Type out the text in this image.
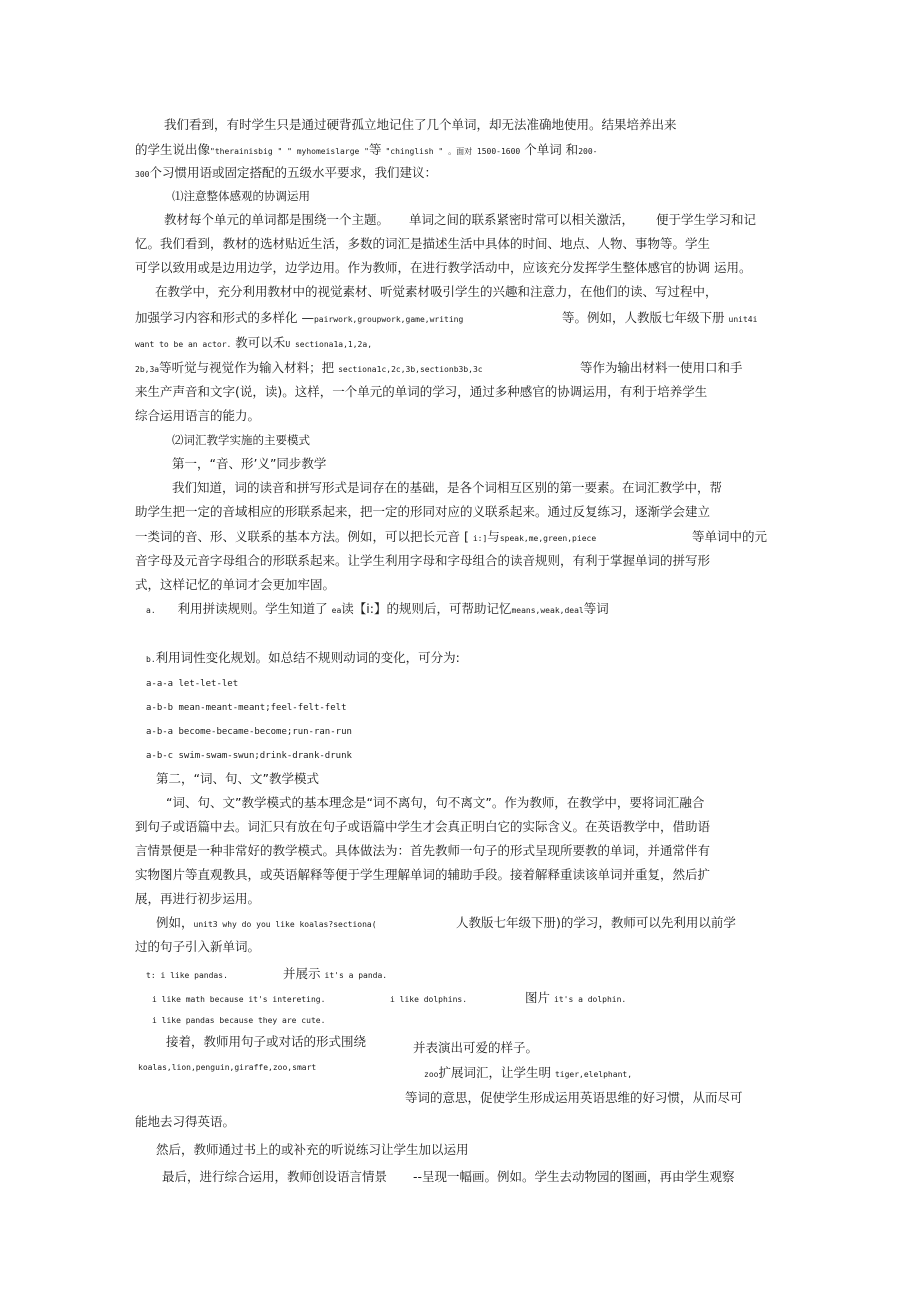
我们看到，有时学生只是通过硬背孤立地记住了几个单词，却无法准确地使用。结果培养出来
的学生说出像"therainisbig " " myhomeislarge "等 "chinglish " 。面对 1500-1600 个单词 和200-
300个习惯用语或固定搭配的五级水平要求，我们建议：
⑴注意整体感观的协调运用
教材每个单元的单词都是围绕一个主题。 单词之间的联系紧密时常可以相关激活， 便于学生学习和记
忆。我们看到，教材的选材贴近生活，多数的词汇是描述生活中具体的时间、地点、人物、事物等。学生
可学以致用或是边用边学，边学边用。作为教师，在进行教学活动中，应该充分发挥学生整体感官的协调 运用。
在教学中，充分利用教材中的视觉素材、听觉素材吸引学生的兴趣和注意力，在他们的读、写过程中，
加强学习内容和形式的多样化 —pairwork,groupwork,game,writing	等。例如，人教版七年级下册 unit4i
want to be an actor. 教可以禾U sectiona1a,1,2a,
2b,3a等听觉与视觉作为输入材料；把 sectiona1c,2c,3b,sectionb3b,3c	等作为输出材料一使用口和手
来生产声音和文字(说，读)。这样，一个单元的单词的学习，通过多种感官的协调运用，有利于培养学生
综合运用语言的能力。
⑵词汇教学实施的主要模式
第一，“音、形’义”同步教学
我们知道，词的读音和拼写形式是词存在的基础，是各个词相互区别的第一要素。在词汇教学中，帮
助学生把一定的音域相应的形联系起来，把一定的形同对应的义联系起来。通过反复练习，逐渐学会建立
一类词的音、形、义联系的基本方法。例如，可以把长元音 [ i:]与speak,me,green,piece	等单词中的元
音字母及元音字母组合的形联系起来。让学生利用字母和字母组合的读音规则，有利于掌握单词的拼写形
式，这样记忆的单词才会更加牢固。
a. 利用拼读规则。学生知道了 ea读【i:】的规则后，可帮助记忆means,weak,deal等词
b.利用词性变化规划。如总结不规则动词的变化，可分为:
a-a-a let-let-let
a-b-b mean-meant-meant;feel-felt-felt
a-b-a become-became-become;run-ran-run
a-b-c swim-swam-swun;drink-drank-drunk
第二，“词、句、文”教学模式
“词、句、文”教学模式的基本理念是“词不离句，句不离文”。作为教师，在教学中，要将词汇融合
到句子或语篇中去。词汇只有放在句子或语篇中学生才会真正明白它的实际含义。在英语教学中，借助语
言情景便是一种非常好的教学模式。具体做法为：首先教师一句子的形式呈现所要教的单词，并通常伴有
实物图片等直观教具，或英语解释等便于学生理解单词的辅助手段。接着解释重读该单词并重复，然后扩
展，再进行初步运用。
例如，unit3 why do you like koalas?sectiona(	人教版七年级下册)的学习，教师可以先利用以前学
过的句子引入新单词。
t: i like pandas.	并展示 it's a panda.
i like math because it's intereting.	i like dolphins.	图片 it's a dolphin.
i like pandas because they are cute.
接着，教师用句子或对话的形式围绕	并表演出可爱的样子。
koalas,lion,penguin,giraffe,zoo,smart
zoo扩展词汇，让学生明 tiger,elelphant,
等词的意思，促使学生形成运用英语思维的好习惯，从而尽可
能地去习得英语。
然后，教师通过书上的或补充的听说练习让学生加以运用
最后，进行综合运用，教师创设语言情景 --呈现一幅画。例如。学生去动物园的图画，再由学生观察
